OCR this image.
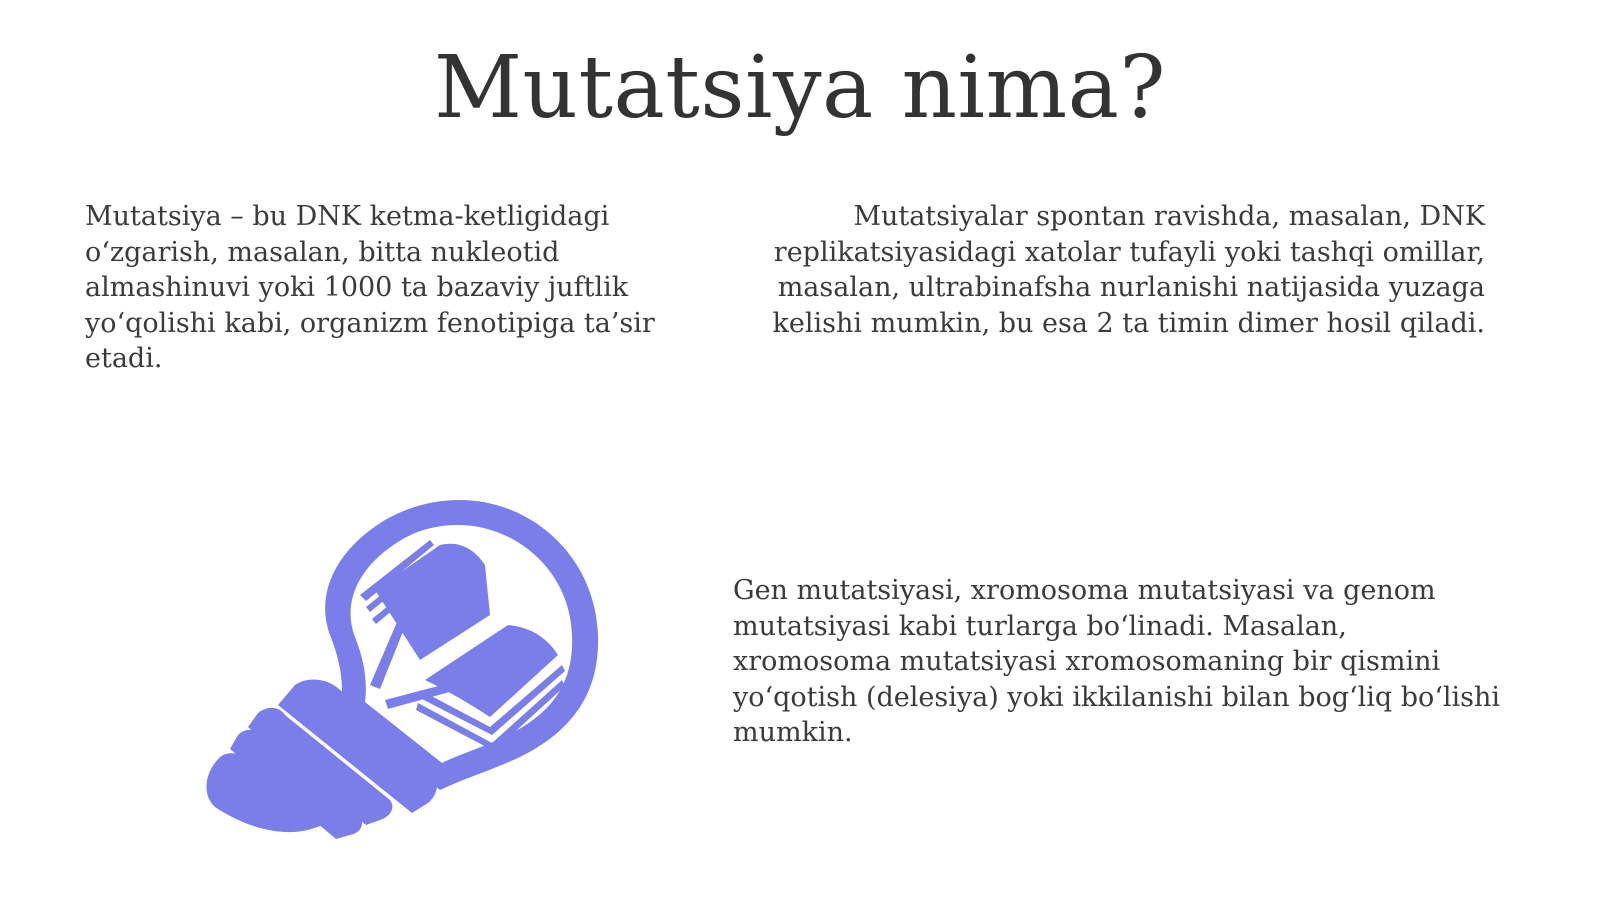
Mutatsiya nima?

Mutatsiya – bu DNK ketma-ketligidagi o‘zgarish, masalan, bitta nukleotid almashinuvi yoki 1000 ta bazaviy juftlik yo‘qolishi kabi, organizm fenotipiga ta’sir etadi.

Mutatsiyalar spontan ravishda, masalan, DNK replikatsiyasidagi xatolar tufayli yoki tashqi omillar, masalan, ultrabinafsha nurlanishi natijasida yuzaga kelishi mumkin, bu esa 2 ta timin dimer hosil qiladi.

Gen mutatsiyasi, xromosoma mutatsiyasi va genom mutatsiyasi kabi turlarga bo‘linadi. Masalan, xromosoma mutatsiyasi xromosomaning bir qismini yo‘qotish (delesiya) yoki ikkilanishi bilan bog‘liq bo‘lishi mumkin.
